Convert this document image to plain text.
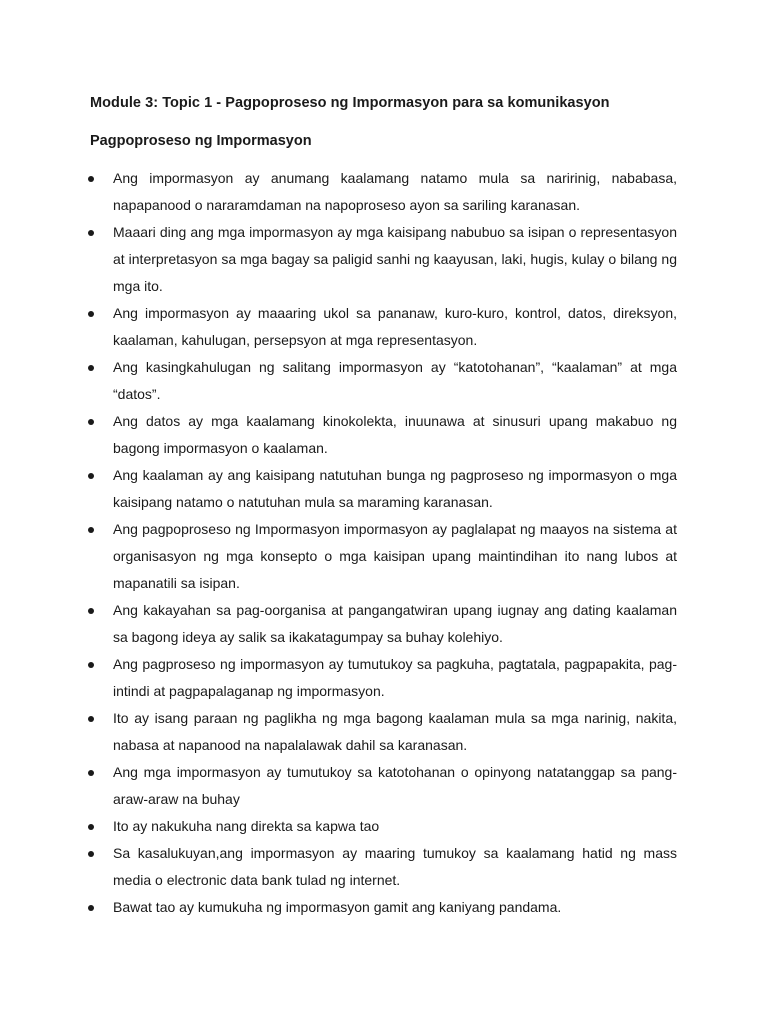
Module 3: Topic 1 - Pagpoproseso ng Impormasyon para sa komunikasyon

Pagpoproseso ng Impormasyon

Ang impormasyon ay anumang kaalamang natamo mula sa naririnig, nababasa, napapanood o nararamdaman na napoproseso ayon sa sariling karanasan.
Maaari ding ang mga impormasyon ay mga kaisipang nabubuo sa isipan o representasyon at interpretasyon sa mga bagay sa paligid sanhi ng kaayusan, laki, hugis, kulay o bilang ng mga ito.
Ang impormasyon ay maaaring ukol sa pananaw, kuro-kuro, kontrol, datos, direksyon, kaalaman, kahulugan, persepsyon at mga representasyon.
Ang kasingkahulugan ng salitang impormasyon ay “katotohanan”, “kaalaman” at mga “datos”.
Ang datos ay mga kaalamang kinokolekta, inuunawa at sinusuri upang makabuo ng bagong impormasyon o kaalaman.
Ang kaalaman ay ang kaisipang natutuhan bunga ng pagproseso ng impormasyon o mga kaisipang natamo o natutuhan mula sa maraming karanasan.
Ang pagpoproseso ng Impormasyon impormasyon ay paglalapat ng maayos na sistema at organisasyon ng mga konsepto o mga kaisipan upang maintindihan ito nang lubos at mapanatili sa isipan.
Ang kakayahan sa pag-oorganisa at pangangatwiran upang iugnay ang dating kaalaman sa bagong ideya ay salik sa ikakatagumpay sa buhay kolehiyo.
Ang pagproseso ng impormasyon ay tumutukoy sa pagkuha, pagtatala, pagpapakita, pag-intindi at pagpapalaganap ng impormasyon.
Ito ay isang paraan ng paglikha ng mga bagong kaalaman mula sa mga narinig, nakita, nabasa at napanood na napalalawak dahil sa karanasan.
Ang mga impormasyon ay tumutukoy sa katotohanan o opinyong natatanggap sa pang-araw-araw na buhay
Ito ay nakukuha nang direkta sa kapwa tao
Sa kasalukuyan,ang impormasyon ay maaring tumukoy sa kaalamang hatid ng mass media o electronic data bank tulad ng internet.
Bawat tao ay kumukuha ng impormasyon gamit ang kaniyang pandama.
